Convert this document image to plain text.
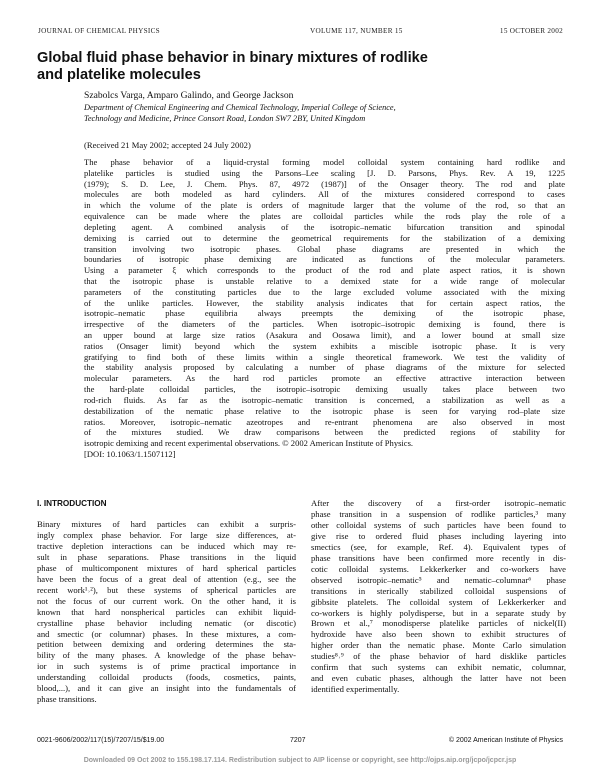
JOURNAL OF CHEMICAL PHYSICS	VOLUME 117, NUMBER 15	15 OCTOBER 2002
Global fluid phase behavior in binary mixtures of rodlike
and platelike molecules
Szabolcs Varga, Amparo Galindo, and George Jackson
Department of Chemical Engineering and Chemical Technology, Imperial College of Science,
Technology and Medicine, Prince Consort Road, London SW7 2BY, United Kingdom
(Received 21 May 2002; accepted 24 July 2002)
The phase behavior of a liquid-crystal forming model colloidal system containing hard rodlike and
platelike particles is studied using the Parsons–Lee scaling [J. D. Parsons, Phys. Rev. A 19, 1225
(1979); S. D. Lee, J. Chem. Phys. 87, 4972 (1987)] of the Onsager theory. The rod and plate
molecules are both modeled as hard cylinders. All of the mixtures considered correspond to cases
in which the volume of the plate is orders of magnitude larger that the volume of the rod, so that an
equivalence can be made where the plates are colloidal particles while the rods play the role of a
depleting agent. A combined analysis of the isotropic–nematic bifurcation transition and spinodal
demixing is carried out to determine the geometrical requirements for the stabilization of a demixing
transition involving two isotropic phases. Global phase diagrams are presented in which the
boundaries of isotropic phase demixing are indicated as functions of the molecular parameters.
Using a parameter ξ which corresponds to the product of the rod and plate aspect ratios, it is shown
that the isotropic phase is unstable relative to a demixed state for a wide range of molecular
parameters of the constituting particles due to the large excluded volume associated with the mixing
of the unlike particles. However, the stability analysis indicates that for certain aspect ratios, the
isotropic–nematic phase equilibria always preempts the demixing of the isotropic phase,
irrespective of the diameters of the particles. When isotropic–isotropic demixing is found, there is
an upper bound at large size ratios (Asakura and Oosawa limit), and a lower bound at small size
ratios (Onsager limit) beyond which the system exhibits a miscible isotropic phase. It is very
gratifying to find both of these limits within a single theoretical framework. We test the validity of
the stability analysis proposed by calculating a number of phase diagrams of the mixture for selected
molecular parameters. As the hard rod particles promote an effective attractive interaction between
the hard-plate colloidal particles, the isotropic–isotropic demixing usually takes place between two
rod-rich fluids. As far as the isotropic–nematic transition is concerned, a stabilization as well as a
destabilization of the nematic phase relative to the isotropic phase is seen for varying rod–plate size
ratios. Moreover, isotropic–nematic azeotropes and re-entrant phenomena are also observed in most
of the mixtures studied. We draw comparisons between the predicted regions of stability for
isotropic demixing and recent experimental observations. © 2002 American Institute of Physics.
[DOI: 10.1063/1.1507112]
I. INTRODUCTION
Binary mixtures of hard particles can exhibit a surpris-
ingly complex phase behavior. For large size differences, at-
tractive depletion interactions can be induced which may re-
sult in phase separations. Phase transitions in the liquid
phase of multicomponent mixtures of hard spherical particles
have been the focus of a great deal of attention (e.g., see the
recent work¹˒²), but these systems of spherical particles are
not the focus of our current work. On the other hand, it is
known that hard nonspherical particles can exhibit liquid-
crystalline phase behavior including nematic (or discotic)
and smectic (or columnar) phases. In these mixtures, a com-
petition between demixing and ordering determines the sta-
bility of the many phases. A knowledge of the phase behav-
ior in such systems is of prime practical importance in
understanding colloidal products (foods, cosmetics, paints,
blood,...), and it can give an insight into the fundamentals of
phase transitions.
After the discovery of a first-order isotropic–nematic
phase transition in a suspension of rodlike particles,³ many
other colloidal systems of such particles have been found to
give rise to ordered fluid phases including layering into
smectics (see, for example, Ref. 4). Equivalent types of
phase transitions have been confirmed more recently in dis-
cotic colloidal systems. Lekkerkerker and co-workers have
observed isotropic–nematic⁵ and nematic–columnar⁶ phase
transitions in sterically stabilized colloidal suspensions of
gibbsite platelets. The colloidal system of Lekkerkerker and
co-workers is highly polydisperse, but in a separate study by
Brown et al.,⁷ monodisperse platelike particles of nickel(II)
hydroxide have also been shown to exhibit structures of
higher order than the nematic phase. Monte Carlo simulation
studies⁸˒⁹ of the phase behavior of hard disklike particles
confirm that such systems can exhibit nematic, columnar,
and even cubatic phases, although the latter have not been
identified experimentally.
0021-9606/2002/117(15)/7207/15/$19.00	7207	© 2002 American Institute of Physics
Downloaded 09 Oct 2002 to 155.198.17.114. Redistribution subject to AIP license or copyright, see http://ojps.aip.org/jcpo/jcpcr.jsp
